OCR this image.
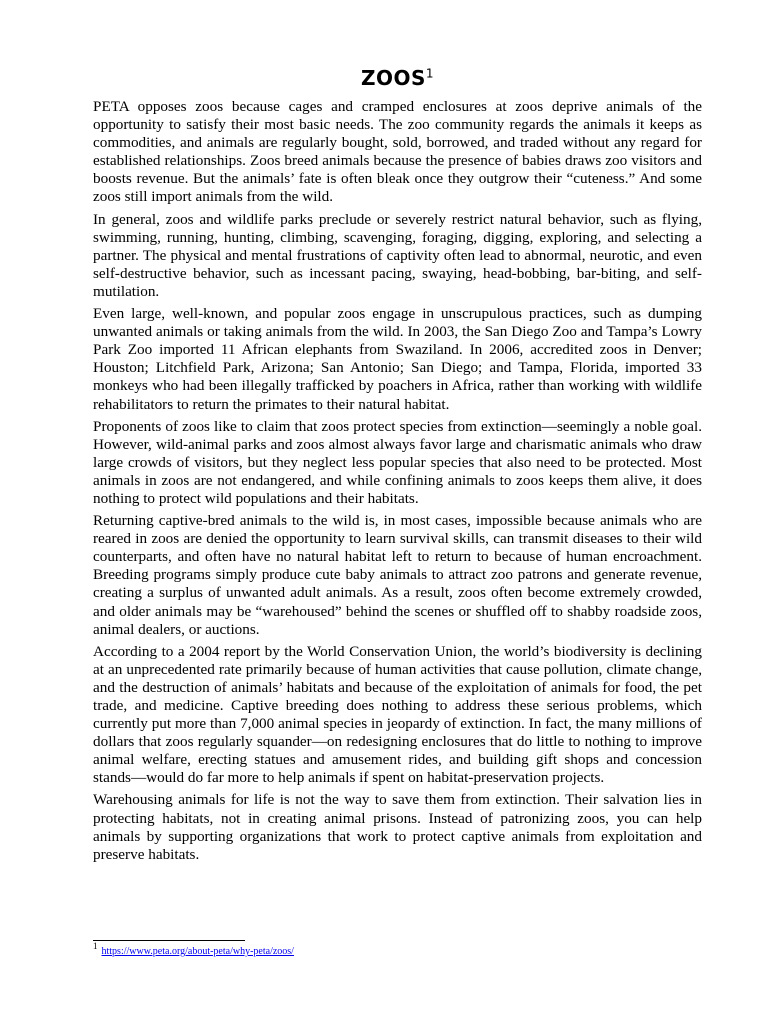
ZOOS$^1$

PETA opposes zoos because cages and cramped enclosures at zoos deprive animals of the opportunity to satisfy their most basic needs. The zoo community regards the animals it keeps as commodities, and animals are regularly bought, sold, borrowed, and traded without any regard for established relationships. Zoos breed animals because the presence of babies draws zoo visitors and boosts revenue. But the animals’ fate is often bleak once they outgrow their “cuteness.” And some zoos still import animals from the wild.

In general, zoos and wildlife parks preclude or severely restrict natural behavior, such as flying, swimming, running, hunting, climbing, scavenging, foraging, digging, exploring, and selecting a partner. The physical and mental frustrations of captivity often lead to abnormal, neurotic, and even self-destructive behavior, such as incessant pacing, swaying, head-bobbing, bar-biting, and self-mutilation.

Even large, well-known, and popular zoos engage in unscrupulous practices, such as dumping unwanted animals or taking animals from the wild. In 2003, the San Diego Zoo and Tampa’s Lowry Park Zoo imported 11 African elephants from Swaziland. In 2006, accredited zoos in Denver; Houston; Litchfield Park, Arizona; San Antonio; San Diego; and Tampa, Florida, imported 33 monkeys who had been illegally trafficked by poachers in Africa, rather than working with wildlife rehabilitators to return the primates to their natural habitat.

Proponents of zoos like to claim that zoos protect species from extinction—seemingly a noble goal. However, wild-animal parks and zoos almost always favor large and charismatic animals who draw large crowds of visitors, but they neglect less popular species that also need to be protected. Most animals in zoos are not endangered, and while confining animals to zoos keeps them alive, it does nothing to protect wild populations and their habitats.

Returning captive-bred animals to the wild is, in most cases, impossible because animals who are reared in zoos are denied the opportunity to learn survival skills, can transmit diseases to their wild counterparts, and often have no natural habitat left to return to because of human encroachment. Breeding programs simply produce cute baby animals to attract zoo patrons and generate revenue, creating a surplus of unwanted adult animals. As a result, zoos often become extremely crowded, and older animals may be “warehoused” behind the scenes or shuffled off to shabby roadside zoos, animal dealers, or auctions.

According to a 2004 report by the World Conservation Union, the world’s biodiversity is declining at an unprecedented rate primarily because of human activities that cause pollution, climate change, and the destruction of animals’ habitats and because of the exploitation of animals for food, the pet trade, and medicine. Captive breeding does nothing to address these serious problems, which currently put more than 7,000 animal species in jeopardy of extinction. In fact, the many millions of dollars that zoos regularly squander—on redesigning enclosures that do little to nothing to improve animal welfare, erecting statues and amusement rides, and building gift shops and concession stands—would do far more to help animals if spent on habitat-preservation projects.

Warehousing animals for life is not the way to save them from extinction. Their salvation lies in protecting habitats, not in creating animal prisons. Instead of patronizing zoos, you can help animals by supporting organizations that work to protect captive animals from exploitation and preserve habitats.

$^1$ https://www.peta.org/about-peta/why-peta/zoos/
